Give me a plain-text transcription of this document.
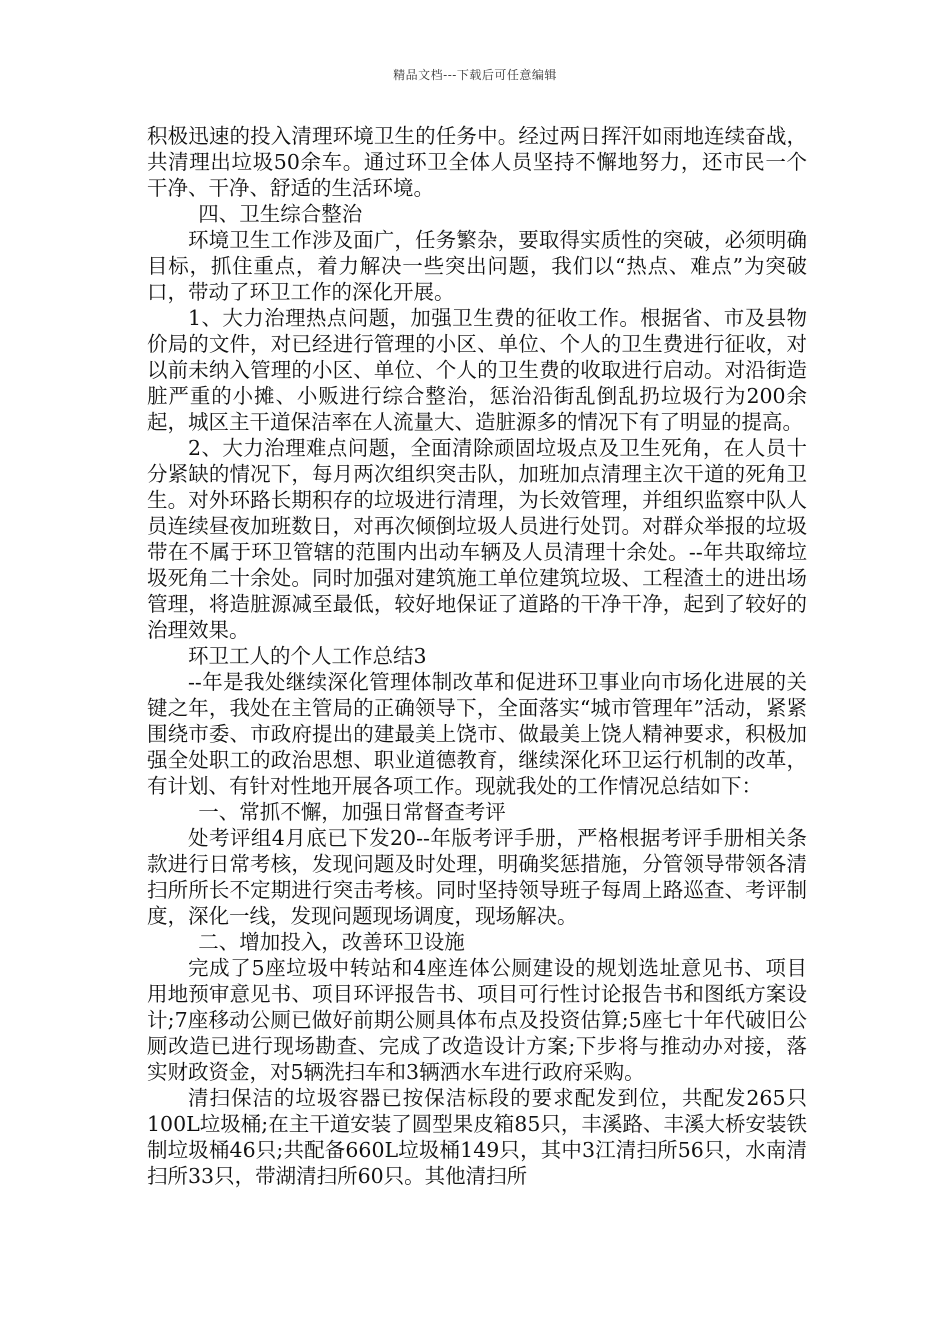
精品文档---下载后可任意编辑

积极迅速的投入清理环境卫生的任务中。经过两日挥汗如雨地连续奋战，共清理出垃圾50余车。通过环卫全体人员坚持不懈地努力，还市民一个干净、干净、舒适的生活环境。

四、卫生综合整治

环境卫生工作涉及面广，任务繁杂，要取得实质性的突破，必须明确目标，抓住重点，着力解决一些突出问题，我们以“热点、难点”为突破口，带动了环卫工作的深化开展。

1、大力治理热点问题，加强卫生费的征收工作。根据省、市及县物价局的文件，对已经进行管理的小区、单位、个人的卫生费进行征收，对以前未纳入管理的小区、单位、个人的卫生费的收取进行启动。对沿街造脏严重的小摊、小贩进行综合整治，惩治沿街乱倒乱扔垃圾行为200余起，城区主干道保洁率在人流量大、造脏源多的情况下有了明显的提高。

2、大力治理难点问题，全面清除顽固垃圾点及卫生死角，在人员十分紧缺的情况下，每月两次组织突击队，加班加点清理主次干道的死角卫生。对外环路长期积存的垃圾进行清理，为长效管理，并组织监察中队人员连续昼夜加班数日，对再次倾倒垃圾人员进行处罚。对群众举报的垃圾带在不属于环卫管辖的范围内出动车辆及人员清理十余处。--年共取缔垃圾死角二十余处。同时加强对建筑施工单位建筑垃圾、工程渣土的进出场管理，将造脏源减至最低，较好地保证了道路的干净干净，起到了较好的治理效果。

环卫工人的个人工作总结3

--年是我处继续深化管理体制改革和促进环卫事业向市场化进展的关键之年，我处在主管局的正确领导下，全面落实“城市管理年”活动，紧紧围绕市委、市政府提出的建最美上饶市、做最美上饶人精神要求，积极加强全处职工的政治思想、职业道德教育，继续深化环卫运行机制的改革，有计划、有针对性地开展各项工作。现就我处的工作情况总结如下：

一、常抓不懈，加强日常督查考评

处考评组4月底已下发20--年版考评手册，严格根据考评手册相关条款进行日常考核，发现问题及时处理，明确奖惩措施，分管领导带领各清扫所所长不定期进行突击考核。同时坚持领导班子每周上路巡查、考评制度，深化一线，发现问题现场调度，现场解决。

二、增加投入，改善环卫设施

完成了5座垃圾中转站和4座连体公厕建设的规划选址意见书、项目用地预审意见书、项目环评报告书、项目可行性讨论报告书和图纸方案设计;7座移动公厕已做好前期公厕具体布点及投资估算;5座七十年代破旧公厕改造已进行现场勘查、完成了改造设计方案;下步将与推动办对接，落实财政资金，对5辆洗扫车和3辆洒水车进行政府采购。

清扫保洁的垃圾容器已按保洁标段的要求配发到位，共配发265只100L垃圾桶;在主干道安装了圆型果皮箱85只，丰溪路、丰溪大桥安装铁制垃圾桶46只;共配备660L垃圾桶149只，其中3江清扫所56只，水南清扫所33只，带湖清扫所60只。其他清扫所
